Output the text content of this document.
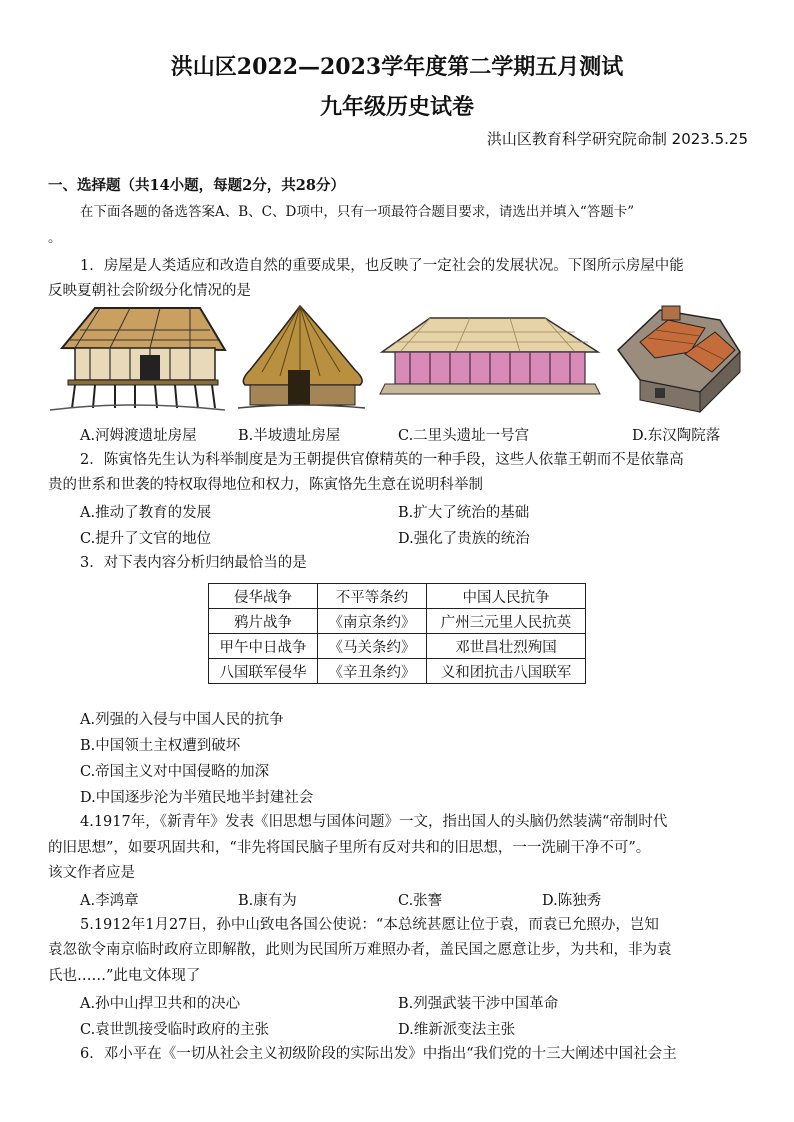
洪山区2022—2023学年度第二学期五月测试
九年级历史试卷
洪山区教育科学研究院命制 2023.5.25
一、选择题（共14小题，每题2分，共28分）
在下面各题的备选答案A、B、C、D项中，只有一项最符合题目要求，请选出并填入“答题卡”
。
1．房屋是人类适应和改造自然的重要成果，也反映了一定社会的发展状况。下图所示房屋中能
反映夏朝社会阶级分化情况的是
A.河姆渡遗址房屋	B.半坡遗址房屋	C.二里头遗址一号宫	D.东汉陶院落
2．陈寅恪先生认为科举制度是为王朝提供官僚精英的一种手段，这些人依靠王朝而不是依靠高
贵的世系和世袭的特权取得地位和权力，陈寅恪先生意在说明科举制
A.推动了教育的发展	B.扩大了统治的基础
C.提升了文官的地位	D.强化了贵族的统治
3．对下表内容分析归纳最恰当的是
侵华战争	不平等条约	中国人民抗争
鸦片战争	《南京条约》	广州三元里人民抗英
甲午中日战争	《马关条约》	邓世昌壮烈殉国
八国联军侵华	《辛丑条约》	义和团抗击八国联军
A.列强的入侵与中国人民的抗争
B.中国领土主权遭到破坏
C.帝国主义对中国侵略的加深
D.中国逐步沦为半殖民地半封建社会
4.1917年，《新青年》发表《旧思想与国体问题》一文，指出国人的头脑仍然装满“帝制时代
的旧思想”，如要巩固共和，“非先将国民脑子里所有反对共和的旧思想，一一洗刷干净不可”。
该文作者应是
A.李鸿章	B.康有为	C.张謇	D.陈独秀
5.1912年1月27日，孙中山致电各国公使说：“本总统甚愿让位于袁，而袁已允照办，岂知
袁忽欲令南京临时政府立即解散，此则为民国所万难照办者，盖民国之愿意让步，为共和，非为袁
氏也……”此电文体现了
A.孙中山捍卫共和的决心	B.列强武装干涉中国革命
C.袁世凯接受临时政府的主张	D.维新派变法主张
6．邓小平在《一切从社会主义初级阶段的实际出发》中指出“我们党的十三大阐述中国社会主
